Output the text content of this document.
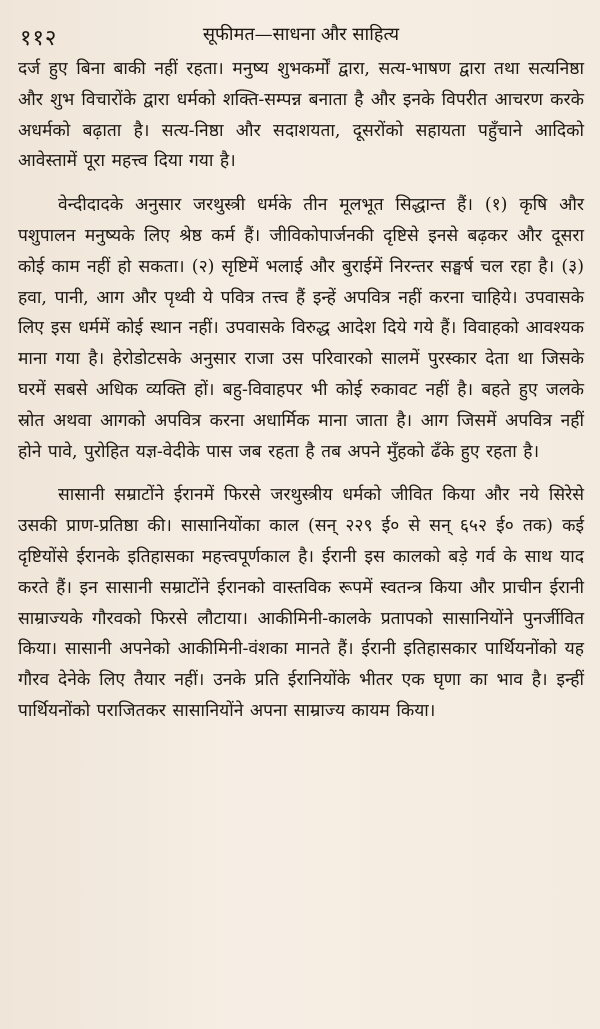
११२	सूफीमत—साधना और साहित्य

दर्ज हुए बिना बाकी नहीं रहता। मनुष्य शुभकर्मों द्वारा, सत्य-भाषण द्वारा तथा सत्यनिष्ठा और शुभ विचारोंके द्वारा धर्मको शक्ति-सम्पन्न बनाता है और इनके विपरीत आचरण करके अधर्मको बढ़ाता है। सत्य-निष्ठा और सदाशयता, दूसरोंको सहायता पहुँचाने आदिको आवेस्तामें पूरा महत्त्व दिया गया है।

वेन्दीदादके अनुसार जरथुस्त्री धर्मके तीन मूलभूत सिद्धान्त हैं। (१) कृषि और पशुपालन मनुष्यके लिए श्रेष्ठ कर्म हैं। जीविकोपार्जनकी दृष्टिसे इनसे बढ़कर और दूसरा कोई काम नहीं हो सकता। (२) सृष्टिमें भलाई और बुराईमें निरन्तर सङ्घर्ष चल रहा है। (३) हवा, पानी, आग और पृथ्वी ये पवित्र तत्त्व हैं इन्हें अपवित्र नहीं करना चाहिये। उपवासके लिए इस धर्ममें कोई स्थान नहीं। उपवासके विरुद्ध आदेश दिये गये हैं। विवाहको आवश्यक माना गया है। हेरोडोटसके अनुसार राजा उस परिवारको सालमें पुरस्कार देता था जिसके घरमें सबसे अधिक व्यक्ति हों। बहु-विवाहपर भी कोई रुकावट नहीं है। बहते हुए जलके स्रोत अथवा आगको अपवित्र करना अधार्मिक माना जाता है। आग जिसमें अपवित्र नहीं होने पावे, पुरोहित यज्ञ-वेदीके पास जब रहता है तब अपने मुँहको ढँके हुए रहता है।

सासानी सम्राटोंने ईरानमें फिरसे जरथुस्त्रीय धर्मको जीवित किया और नये सिरेसे उसकी प्राण-प्रतिष्ठा की। सासानियोंका काल (सन् २२९ ई० से सन् ६५२ ई० तक) कई दृष्टियोंसे ईरानके इतिहासका महत्त्वपूर्णकाल है। ईरानी इस कालको बड़े गर्व के साथ याद करते हैं। इन सासानी सम्राटोंने ईरानको वास्तविक रूपमें स्वतन्त्र किया और प्राचीन ईरानी साम्राज्यके गौरवको फिरसे लौटाया। आकीमिनी-कालके प्रतापको सासानियोंने पुनर्जीवित किया। सासानी अपनेको आकीमिनी-वंशका मानते हैं। ईरानी इतिहासकार पार्थियनोंको यह गौरव देनेके लिए तैयार नहीं। उनके प्रति ईरानियोंके भीतर एक घृणा का भाव है। इन्हीं पार्थियनोंको पराजितकर सासानियोंने अपना साम्राज्य कायम किया।
